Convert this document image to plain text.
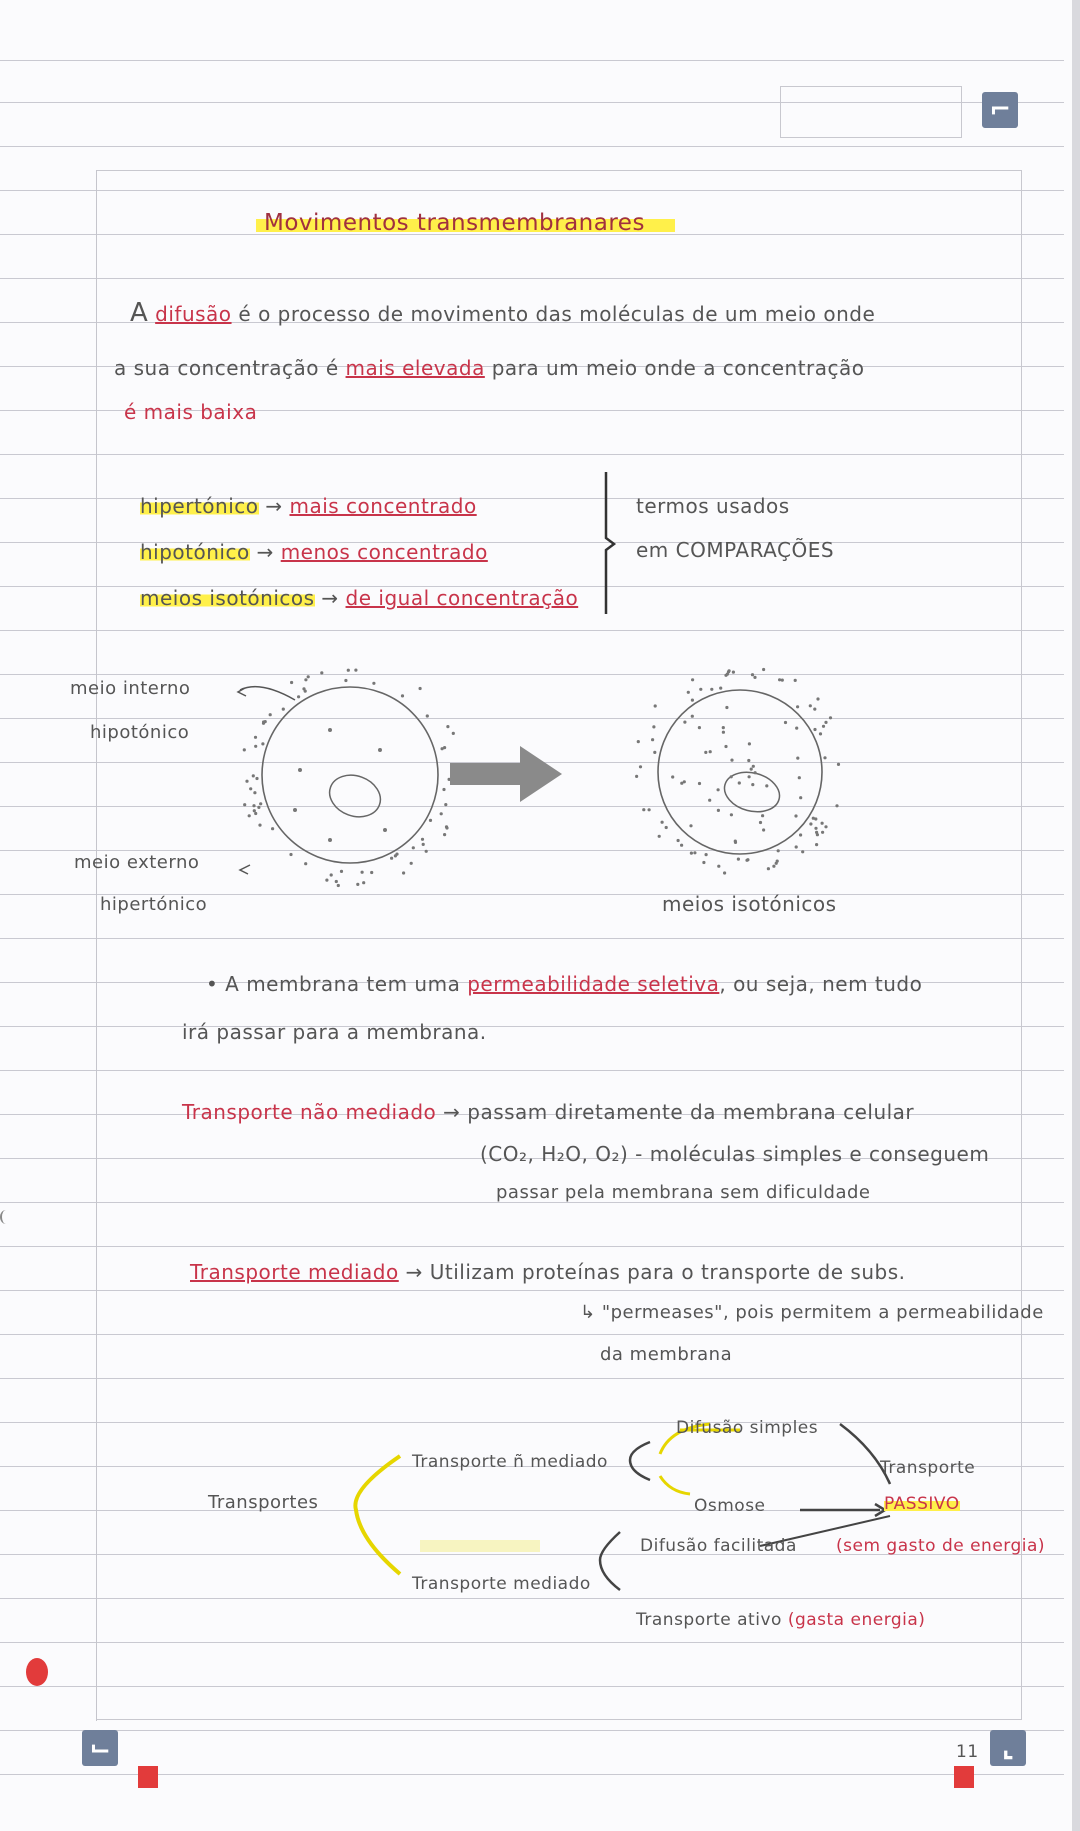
⌐
Movimentos transmembranares
A difusão é o processo de movimento das moléculas de um meio onde
a sua concentração é mais elevada para um meio onde a concentração
é mais baixa
hipertónico → mais concentrado
hipotónico → menos concentrado
meios isotónicos → de igual concentração
termos usados
em COMPARAÇÕES
meio interno
hipotónico
meio externo
hipertónico	meios isotónicos
• A membrana tem uma permeabilidade seletiva, ou seja, nem tudo
irá passar para a membrana.
Transporte não mediado → passam diretamente da membrana celular
(CO₂, H₂O, O₂) - moléculas simples e conseguem
passar pela membrana sem dificuldade
Transporte mediado → Utilizam proteínas para o transporte de subs.
↳ "permeases", pois permitem a permeabilidade
da membrana
Transportes
Transporte ñ mediado
Transporte mediado
Difusão simples
Osmose
Difusão facilitada
Transporte ativo (gasta energia)
Transporte
PASSIVO
(sem gasto de energia)
⌙	11 ⌞
